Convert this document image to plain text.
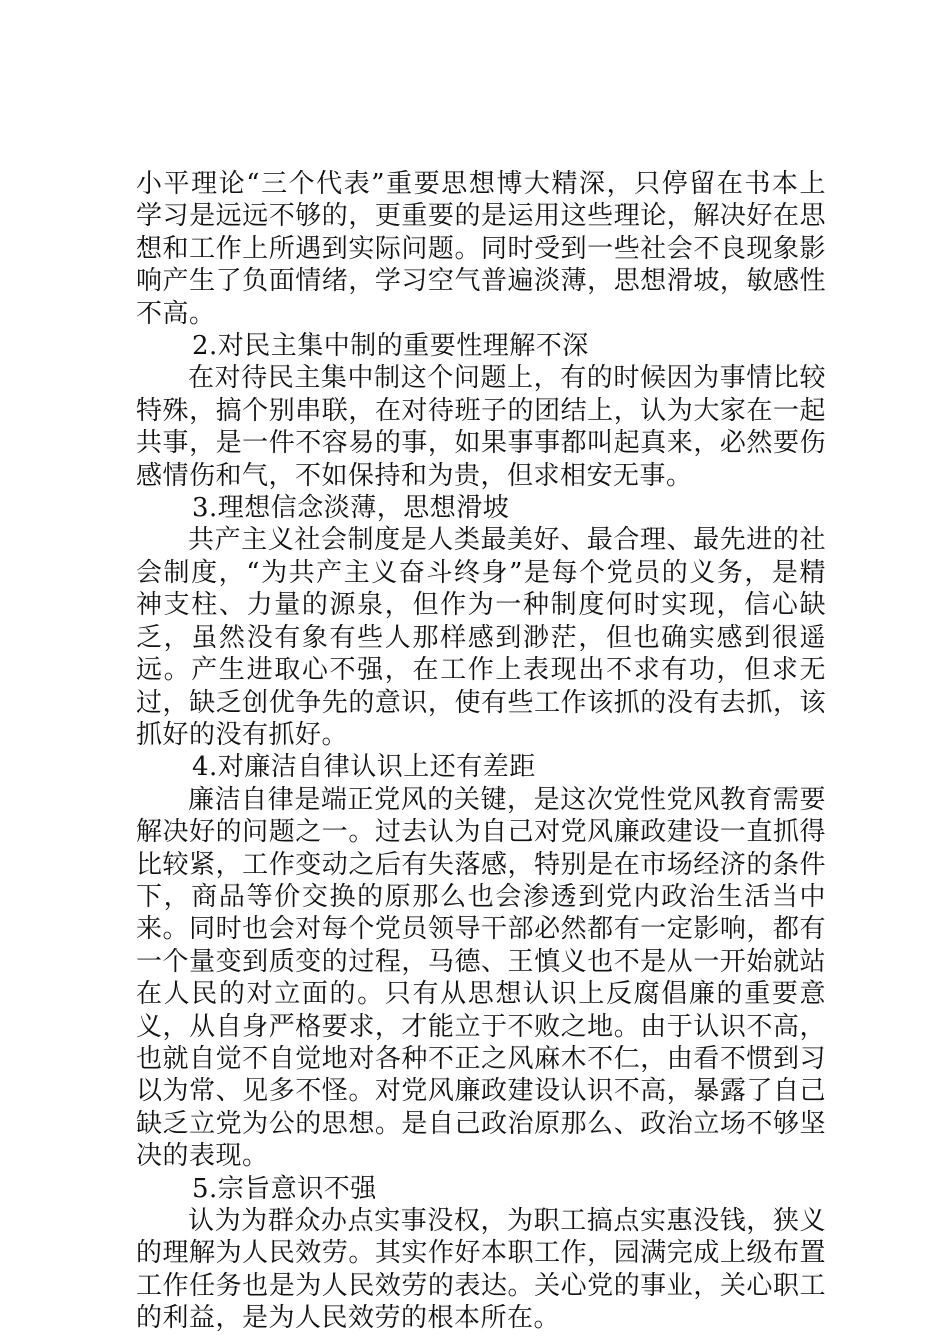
小平理论“三个代表”重要思想博大精深，只停留在书本上学习是远远不够的，更重要的是运用这些理论，解决好在思想和工作上所遇到实际问题。同时受到一些社会不良现象影响产生了负面情绪，学习空气普遍淡薄，思想滑坡，敏感性不高。

2.对民主集中制的重要性理解不深

在对待民主集中制这个问题上，有的时候因为事情比较特殊，搞个别串联，在对待班子的团结上，认为大家在一起共事，是一件不容易的事，如果事事都叫起真来，必然要伤感情伤和气，不如保持和为贵，但求相安无事。

3.理想信念淡薄，思想滑坡

共产主义社会制度是人类最美好、最合理、最先进的社会制度，“为共产主义奋斗终身”是每个党员的义务，是精神支柱、力量的源泉，但作为一种制度何时实现，信心缺乏，虽然没有象有些人那样感到渺茫，但也确实感到很遥远。产生进取心不强，在工作上表现出不求有功，但求无过，缺乏创优争先的意识，使有些工作该抓的没有去抓，该抓好的没有抓好。

4.对廉洁自律认识上还有差距

廉洁自律是端正党风的关键，是这次党性党风教育需要解决好的问题之一。过去认为自己对党风廉政建设一直抓得比较紧，工作变动之后有失落感，特别是在市场经济的条件下，商品等价交换的原那么也会渗透到党内政治生活当中来。同时也会对每个党员领导干部必然都有一定影响，都有一个量变到质变的过程，马德、王慎义也不是从一开始就站在人民的对立面的。只有从思想认识上反腐倡廉的重要意义，从自身严格要求，才能立于不败之地。由于认识不高，也就自觉不自觉地对各种不正之风麻木不仁，由看不惯到习以为常、见多不怪。对党风廉政建设认识不高，暴露了自己缺乏立党为公的思想。是自己政治原那么、政治立场不够坚决的表现。

5.宗旨意识不强

认为为群众办点实事没权，为职工搞点实惠没钱，狭义的理解为人民效劳。其实作好本职工作，园满完成上级布置工作任务也是为人民效劳的表达。关心党的事业，关心职工的利益，是为人民效劳的根本所在。
